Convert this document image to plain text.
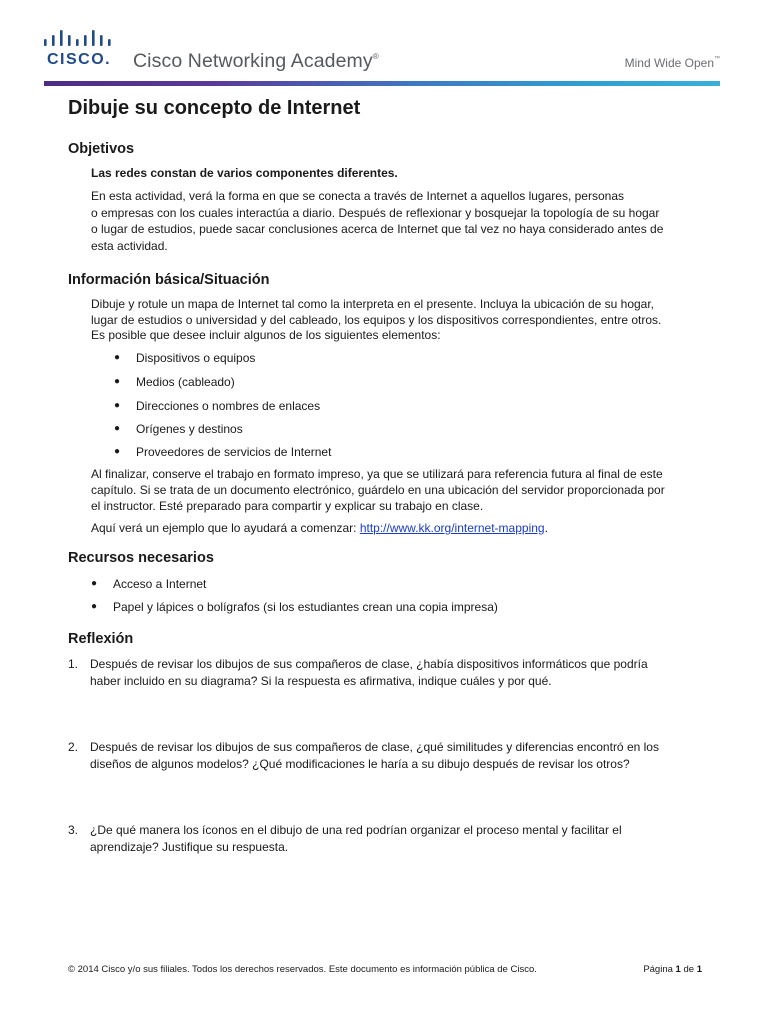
CISCO. Cisco Networking Academy®	Mind Wide Open™
Dibuje su concepto de Internet
Objetivos
Las redes constan de varios componentes diferentes.
En esta actividad, verá la forma en que se conecta a través de Internet a aquellos lugares, personas
o empresas con los cuales interactúa a diario. Después de reflexionar y bosquejar la topología de su hogar
o lugar de estudios, puede sacar conclusiones acerca de Internet que tal vez no haya considerado antes de
esta actividad.
Información básica/Situación
Dibuje y rotule un mapa de Internet tal como la interpreta en el presente. Incluya la ubicación de su hogar,
lugar de estudios o universidad y del cableado, los equipos y los dispositivos correspondientes, entre otros.
Es posible que desee incluir algunos de los siguientes elementos:
● Dispositivos o equipos
● Medios (cableado)
● Direcciones o nombres de enlaces
● Orígenes y destinos
● Proveedores de servicios de Internet
Al finalizar, conserve el trabajo en formato impreso, ya que se utilizará para referencia futura al final de este
capítulo. Si se trata de un documento electrónico, guárdelo en una ubicación del servidor proporcionada por
el instructor. Esté preparado para compartir y explicar su trabajo en clase.
Aquí verá un ejemplo que lo ayudará a comenzar: http://www.kk.org/internet-mapping.
Recursos necesarios
● Acceso a Internet
● Papel y lápices o bolígrafos (si los estudiantes crean una copia impresa)
Reflexión
1. Después de revisar los dibujos de sus compañeros de clase, ¿había dispositivos informáticos que podría
haber incluido en su diagrama? Si la respuesta es afirmativa, indique cuáles y por qué.
2. Después de revisar los dibujos de sus compañeros de clase, ¿qué similitudes y diferencias encontró en los
diseños de algunos modelos? ¿Qué modificaciones le haría a su dibujo después de revisar los otros?
3. ¿De qué manera los íconos en el dibujo de una red podrían organizar el proceso mental y facilitar el
aprendizaje? Justifique su respuesta.
© 2014 Cisco y/o sus filiales. Todos los derechos reservados. Este documento es información pública de Cisco.	Página 1 de 1
